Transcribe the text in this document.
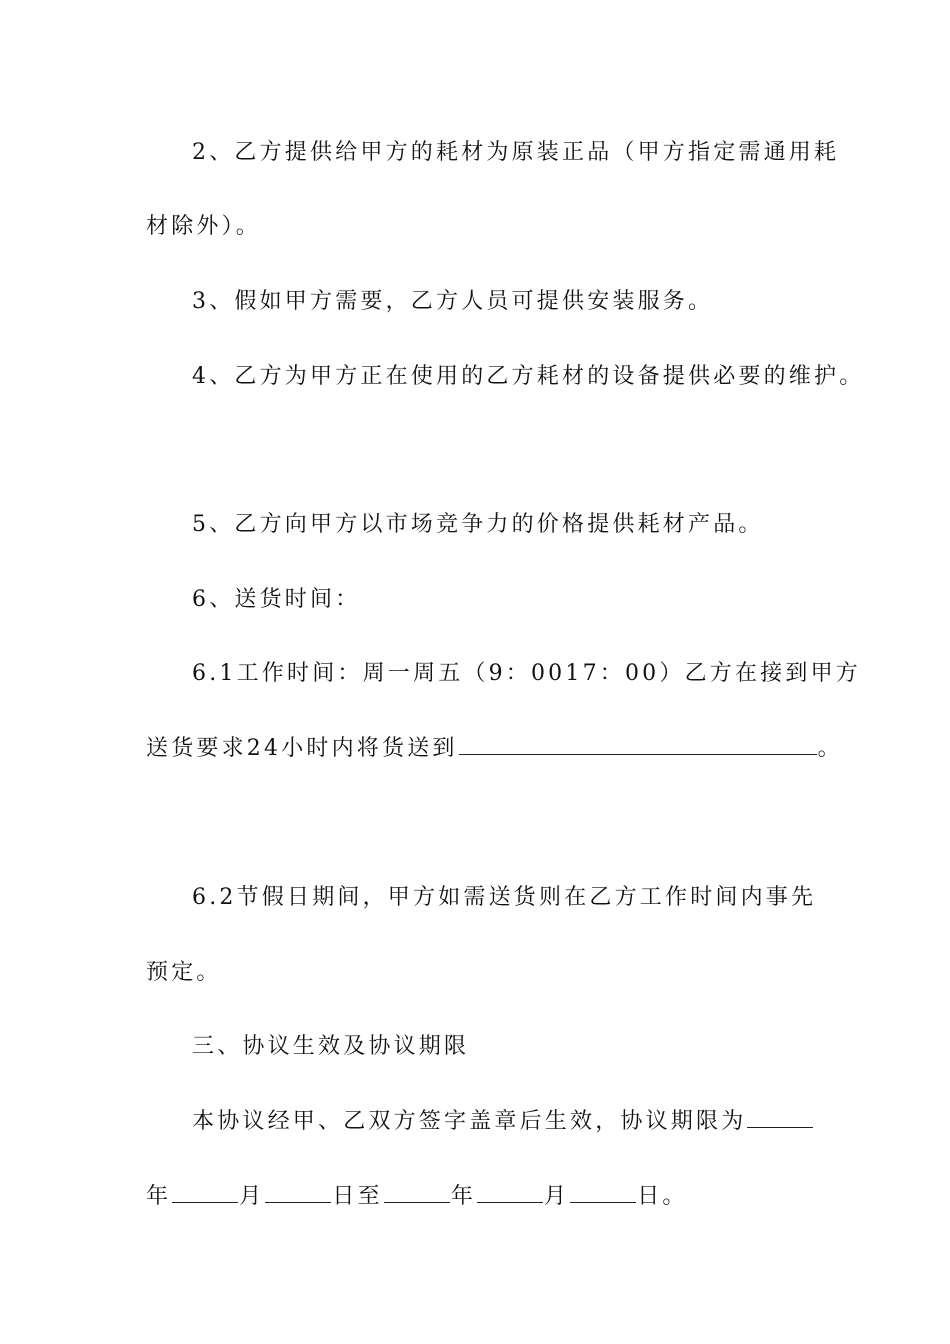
2、乙方提供给甲方的耗材为原装正品（甲方指定需通用耗
材除外）。
3、假如甲方需要，乙方人员可提供安装服务。
4、乙方为甲方正在使用的乙方耗材的设备提供必要的维护。
5、乙方向甲方以市场竞争力的价格提供耗材产品。
6、送货时间：
6.1工作时间：周一周五（9：0017：00）乙方在接到甲方
送货要求24小时内将货送到	。
6.2节假日期间，甲方如需送货则在乙方工作时间内事先
预定。
三、协议生效及协议期限
本协议经甲、乙双方签字盖章后生效，协议期限为
年	月	日至	年	月	日。
